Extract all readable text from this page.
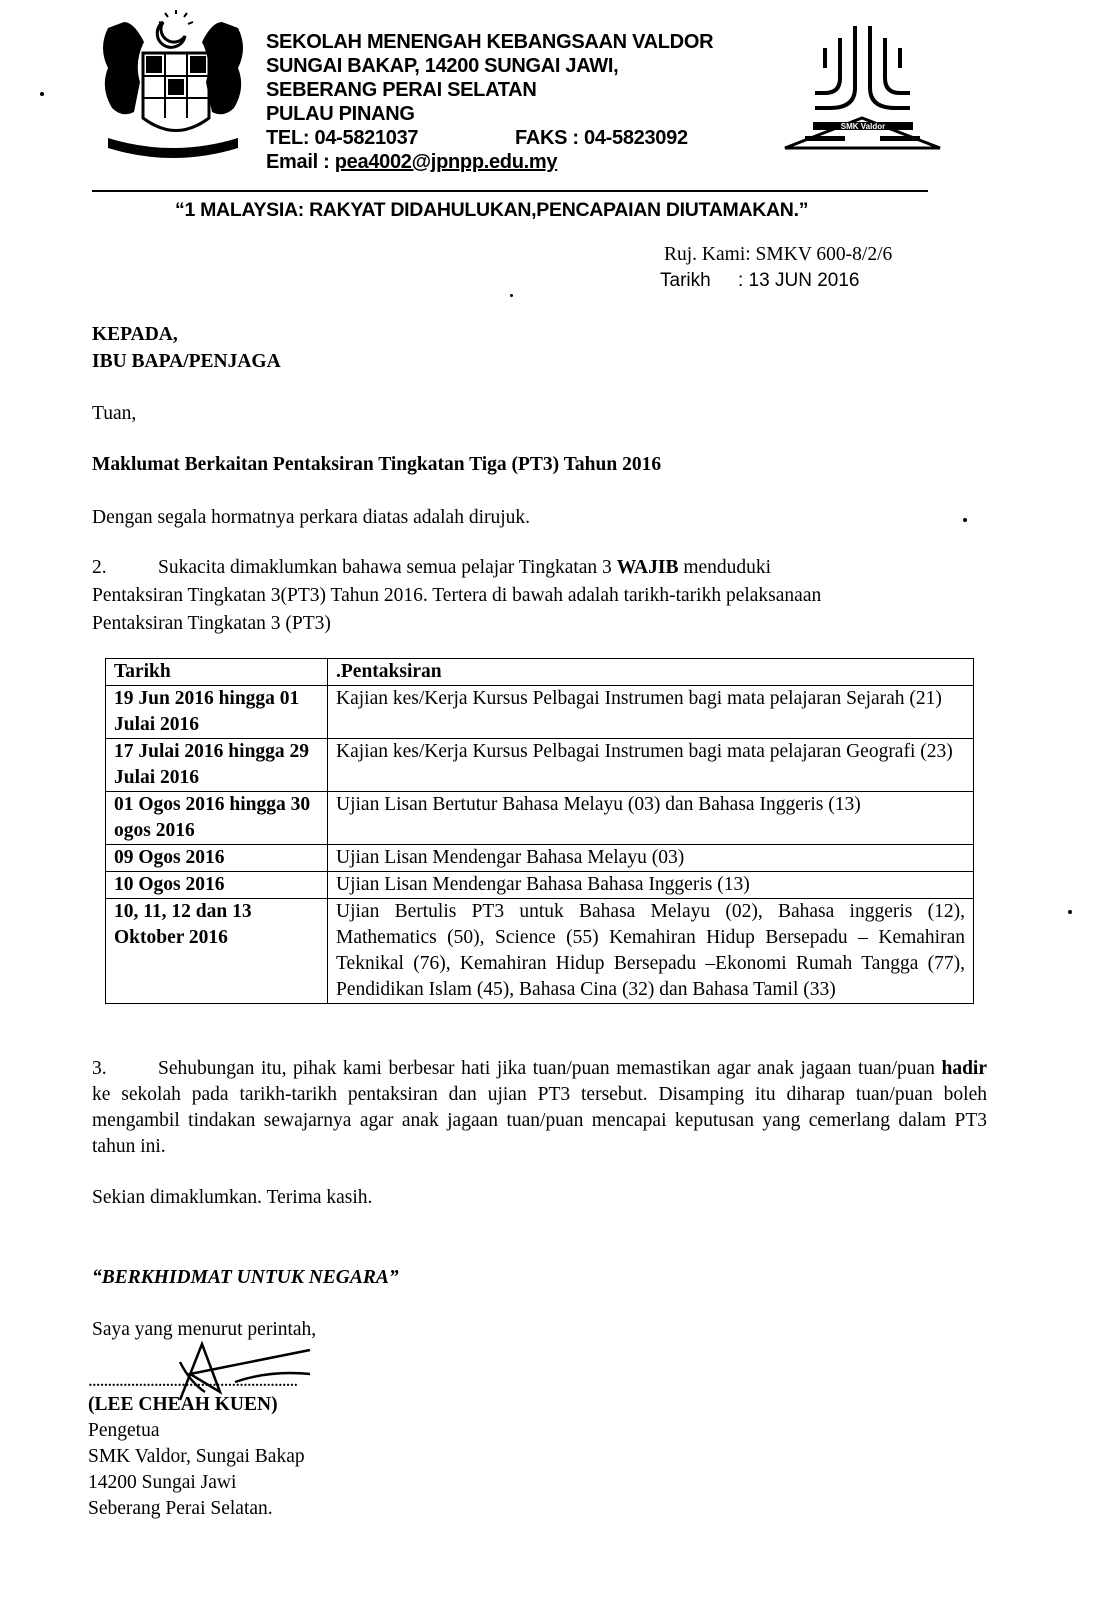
SEKOLAH MENENGAH KEBANGSAAN VALDOR
SUNGAI BAKAP, 14200 SUNGAI JAWI,
SEBERANG PERAI SELATAN
PULAU PINANG
TEL: 04-5821037	FAKS : 04-5823092
Email : pea4002@jpnpp.edu.my
SMK Valdor
“1 MALAYSIA: RAKYAT DIDAHULUKAN,PENCAPAIAN DIUTAMAKAN.”
Ruj. Kami: SMKV 600-8/2/6
Tarikh : 13 JUN 2016
KEPADA,
IBU BAPA/PENJAGA
Tuan,
Maklumat Berkaitan Pentaksiran Tingkatan Tiga (PT3) Tahun 2016
Dengan segala hormatnya perkara diatas adalah dirujuk.
2.	Sukacita dimaklumkan bahawa semua pelajar Tingkatan 3 WAJIB menduduki
Pentaksiran Tingkatan 3(PT3) Tahun 2016. Tertera di bawah adalah tarikh-tarikh pelaksanaan
Pentaksiran Tingkatan 3 (PT3)
Tarikh	.Pentaksiran
19 Jun 2016 hingga 01 Julai 2016	Kajian kes/Kerja Kursus Pelbagai Instrumen bagi mata pelajaran Sejarah (21)
17 Julai 2016 hingga 29 Julai 2016	Kajian kes/Kerja Kursus Pelbagai Instrumen bagi mata pelajaran Geografi (23)
01 Ogos 2016 hingga 30 ogos 2016	Ujian Lisan Bertutur Bahasa Melayu (03) dan Bahasa Inggeris (13)
09 Ogos 2016	Ujian Lisan Mendengar Bahasa Melayu (03)
10 Ogos 2016	Ujian Lisan Mendengar Bahasa Bahasa Inggeris (13)
10, 11, 12 dan 13 Oktober 2016	Ujian Bertulis PT3 untuk Bahasa Melayu (02), Bahasa inggeris (12), Mathematics (50), Science (55) Kemahiran Hidup Bersepadu – Kemahiran Teknikal (76), Kemahiran Hidup Bersepadu –Ekonomi Rumah Tangga (77), Pendidikan Islam (45), Bahasa Cina (32) dan Bahasa Tamil (33)
3.	Sehubungan itu, pihak kami berbesar hati jika tuan/puan memastikan agar anak jagaan tuan/puan hadir ke sekolah pada tarikh-tarikh pentaksiran dan ujian PT3 tersebut. Disamping itu diharap tuan/puan boleh mengambil tindakan sewajarnya agar anak jagaan tuan/puan mencapai keputusan yang cemerlang dalam PT3 tahun ini.
Sekian dimaklumkan. Terima kasih.
“BERKHIDMAT UNTUK NEGARA”
Saya yang menurut perintah,
......................................................
(LEE CHEAH KUEN)
Pengetua
SMK Valdor, Sungai Bakap
14200 Sungai Jawi
Seberang Perai Selatan.
